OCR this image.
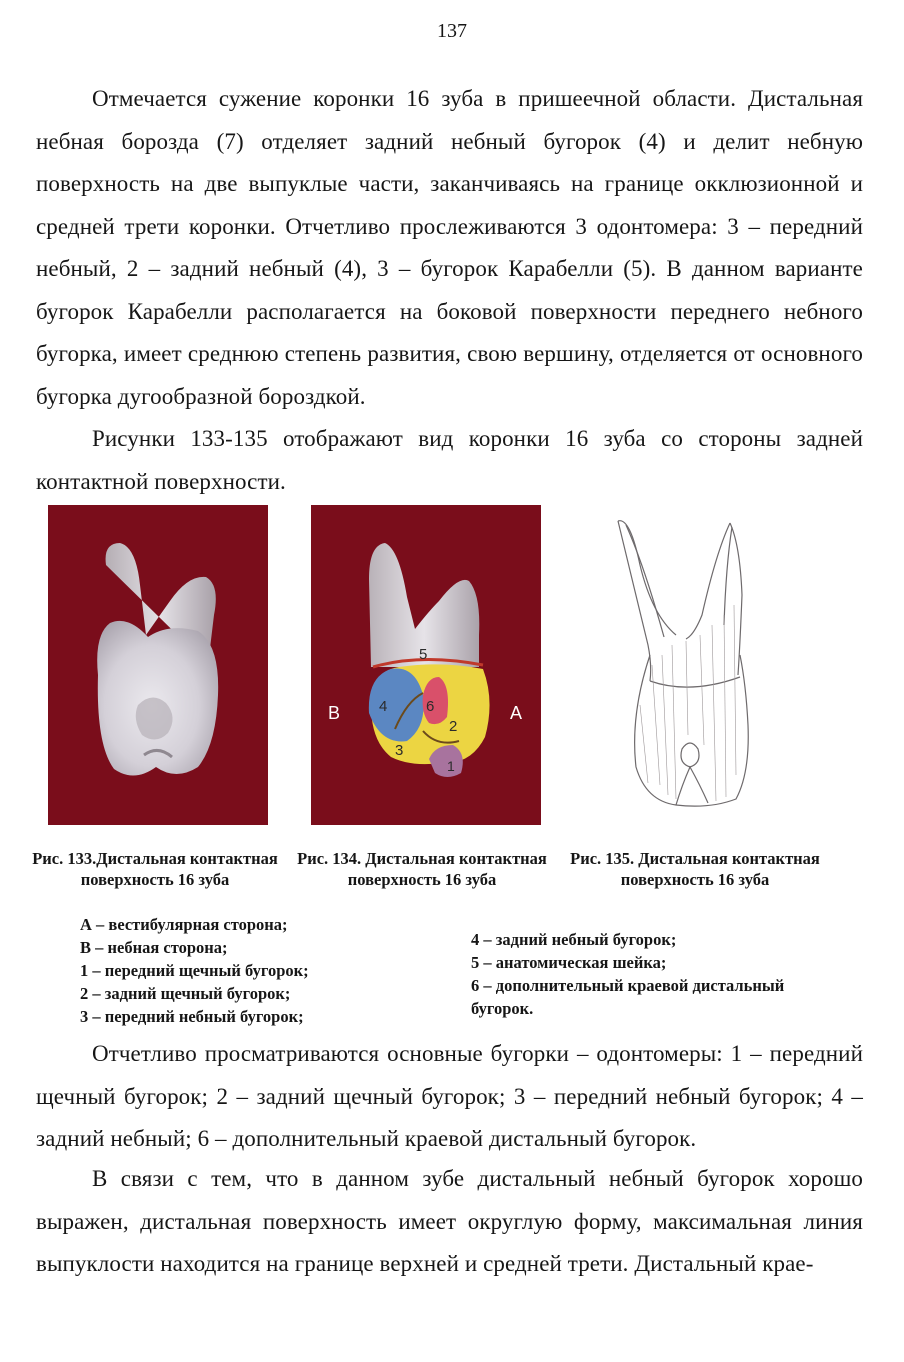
137

Отмечается сужение коронки 16 зуба в пришеечной области. Дистальная небная борозда (7) отделяет задний небный бугорок (4) и делит небную поверхность на две выпуклые части, заканчиваясь на границе окклюзионной и средней трети коронки. Отчетливо прослеживаются 3 одонтомера: 3 – передний небный, 2 – задний небный (4), 3 – бугорок Карабелли (5). В данном варианте бугорок Карабелли располагается на боковой поверхности переднего небного бугорка, имеет среднюю степень развития, свою вершину, отделяется от основного бугорка дугообразной бороздкой.

Рисунки 133-135 отображают вид коронки 16 зуба со стороны задней контактной поверхности.

В	А
1
2
3
4
5
6
Рис. 133.Дистальная контактная поверхность 16 зуба
Рис. 134. Дистальная контактная поверхность 16 зуба
Рис. 135. Дистальная контактная поверхность 16 зуба
А – вестибулярная сторона;
В – небная сторона;
1 – передний щечный бугорок;
2 – задний щечный бугорок;
3 – передний небный бугорок;
4 – задний небный бугорок;
5 – анатомическая шейка;
6 – дополнительный краевой дистальный бугорок.

Отчетливо просматриваются основные бугорки – одонтомеры: 1 – передний щечный бугорок; 2 – задний щечный бугорок; 3 – передний небный бугорок; 4 –задний небный; 6 – дополнительный краевой дистальный бугорок.

В связи с тем, что в данном зубе дистальный небный бугорок хорошо выражен, дистальная поверхность имеет округлую форму, максимальная линия выпуклости находится на границе верхней и средней трети. Дистальный крае-
